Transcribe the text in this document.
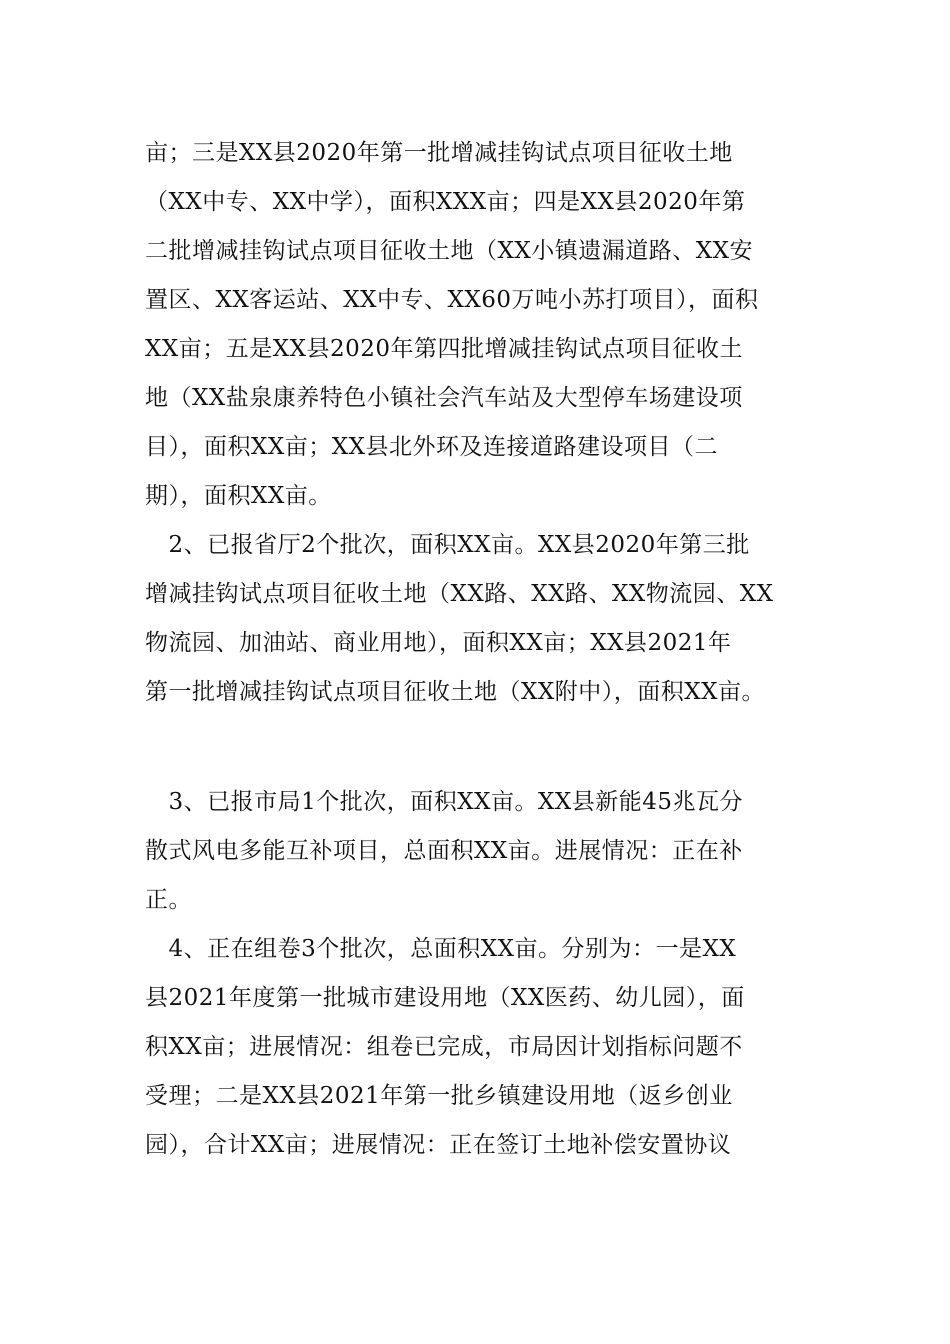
亩；三是XX县2020年第一批增减挂钩试点项目征收土地
（XX中专、XX中学），面积XXX亩；四是XX县2020年第
二批增减挂钩试点项目征收土地（XX小镇遗漏道路、XX安
置区、XX客运站、XX中专、XX60万吨小苏打项目），面积
XX亩；五是XX县2020年第四批增减挂钩试点项目征收土
地（XX盐泉康养特色小镇社会汽车站及大型停车场建设项
目），面积XX亩；XX县北外环及连接道路建设项目（二
期），面积XX亩。
　2、已报省厅2个批次，面积XX亩。XX县2020年第三批
增减挂钩试点项目征收土地（XX路、XX路、XX物流园、XX
物流园、加油站、商业用地），面积XX亩；XX县2021年
第一批增减挂钩试点项目征收土地（XX附中），面积XX亩。
　3、已报市局1个批次，面积XX亩。XX县新能45兆瓦分
散式风电多能互补项目，总面积XX亩。进展情况：正在补
正。
　4、正在组卷3个批次，总面积XX亩。分别为：一是XX
县2021年度第一批城市建设用地（XX医药、幼儿园），面
积XX亩；进展情况：组卷已完成，市局因计划指标问题不
受理；二是XX县2021年第一批乡镇建设用地（返乡创业
园），合计XX亩；进展情况：正在签订土地补偿安置协议
